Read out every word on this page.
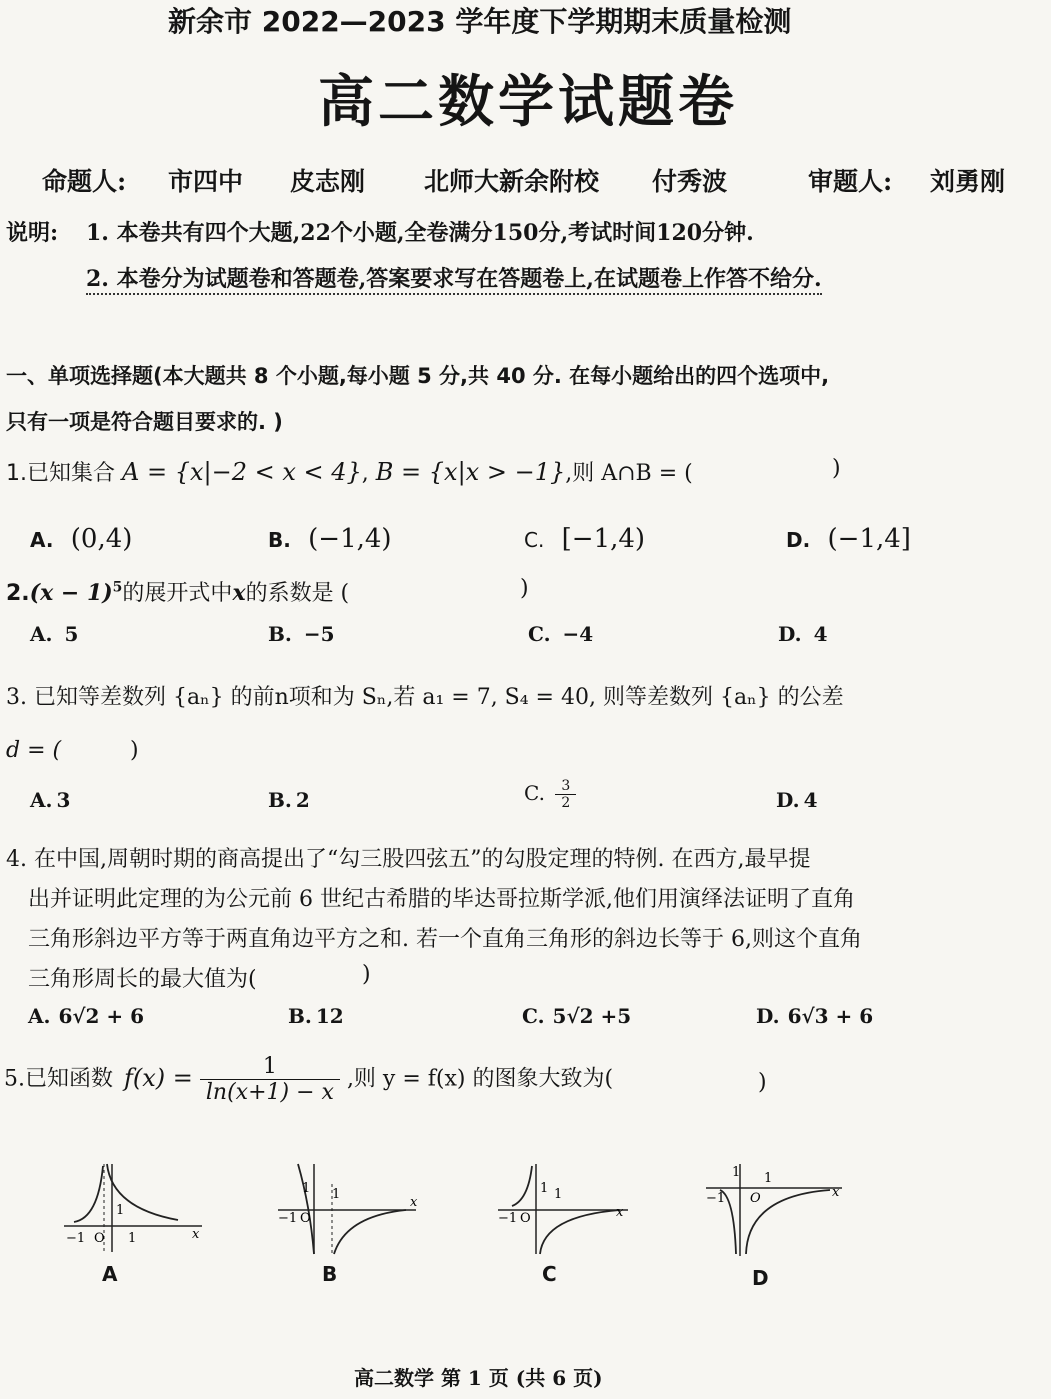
新余市 2022—2023 学年度下学期期末质量检测
高二数学试题卷
命题人: 市四中 皮志刚 北师大新余附校 付秀波	审题人: 刘勇刚
说明: 1. 本卷共有四个大题,22个小题,全卷满分150分,考试时间120分钟.
2. 本卷分为试题卷和答题卷,答案要求写在答题卷上,在试题卷上作答不给分.
一、单项选择题(本大题共 8 个小题,每小题 5 分,共 40 分. 在每小题给出的四个选项中,
只有一项是符合题目要求的. )
1.已知集合 A = {x|−2 < x < 4}, B = {x|x > −1},则 A∩B = (	)
A. (0,4)	B. (−1,4)	C. [−1,4)	D. (−1,4]
$2.(x - 1)^5$的展开式中x的系数是 (	)
A. 5	B. −5	C. −4	D. 4
3. 已知等差数列 {aₙ} 的前n项和为 Sₙ,若 a₁ = 7, S₄ = 40, 则等差数列 {aₙ} 的公差
d = (	)
A. 3	B. 2	C. $\frac{3}{2}$	D. 4
4. 在中国,周朝时期的商高提出了“勾三股四弦五”的勾股定理的特例. 在西方,最早提
出并证明此定理的为公元前 6 世纪古希腊的毕达哥拉斯学派,他们用演绎法证明了直角
三角形斜边平方等于两直角边平方之和. 若一个直角三角形的斜边长等于 6,则这个直角
三角形周长的最大值为(	)
A. 6√2 + 6	B. 12	C. 5√2 +5	D. 6√3 + 6
5.已知函数 $f(x) = \frac{1}{\ln(x+1) - x}$ ,则 y = f(x) 的图象大致为(	)
−1 O 1
1
x
A
1
−1 O
1
x
B
1 1
−1 O	x
C
1 1
−1 O	x
D
高二数学 第 1 页 (共 6 页)
